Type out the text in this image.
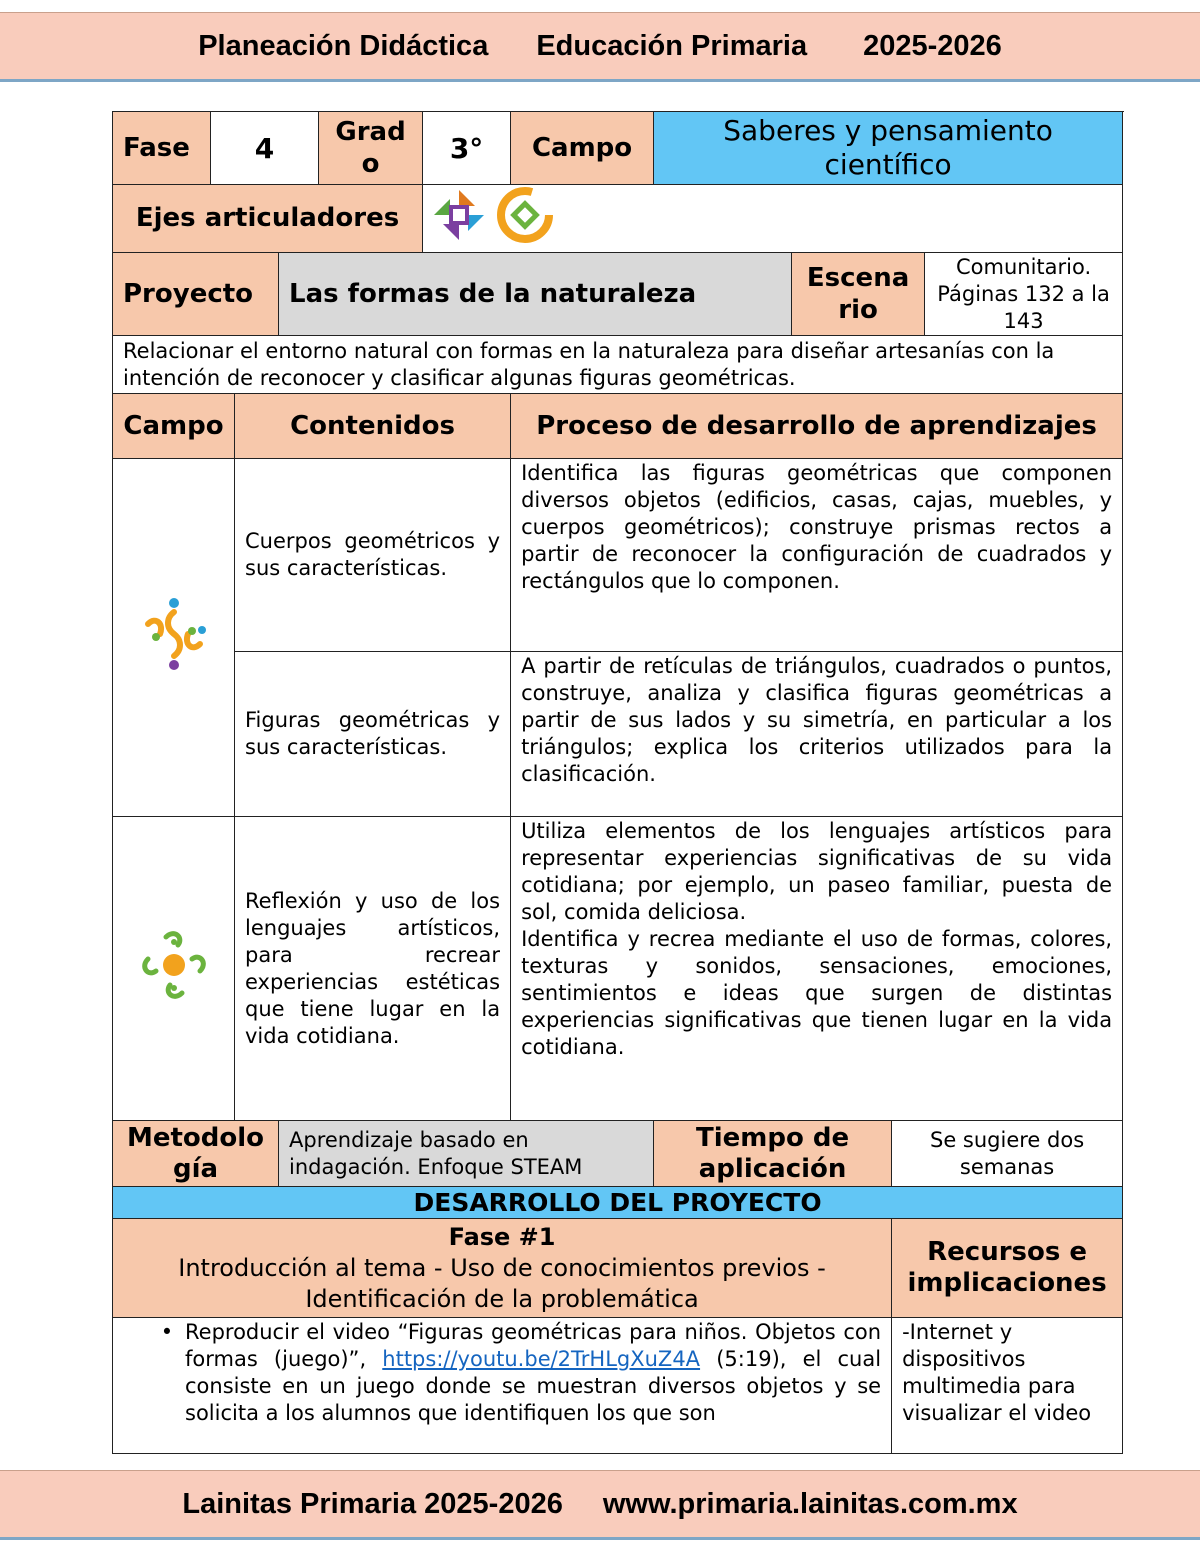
Planeación Didáctica Educación Primaria 2025-2026
Fase	4			Grado	3°	Campo	Saberes y pensamiento científico			
Ejes articuladores	
Proyecto			Las formas de la naturaleza					Escenario		Comunitario. Páginas 132 a la 143
Relacionar el entorno natural con formas en la naturaleza para diseñar artesanías con la intención de reconocer y clasificar algunas figuras geométricas.										
Campo		Contenidos				Proceso de desarrollo de aprendizajes				

	Cuerpos geométricos y sus características.				Identifica las figuras geométricas que componen diversos objetos (edificios, casas, cajas, muebles, y cuerpos geométricos); construye prismas rectos a partir de reconocer la configuración de cuadrados y rectángulos que lo componen.				
		Figuras geométricas y sus características.				A partir de retículas de triángulos, cuadrados o puntos, construye, analiza y clasifica figuras geométricas a partir de sus lados y su simetría, en particular a los triángulos; explica los criterios utilizados para la clasificación.				

	Reflexión y uso de los lenguajes artísticos, para recrear experiencias estéticas que tiene lugar en la vida cotidiana.				Utiliza elementos de los lenguajes artísticos para representar experiencias significativas de su vida cotidiana; por ejemplo, un paseo familiar, puesta de sol, comida deliciosa.
Identifica y recrea mediante el uso de formas, colores, texturas y sonidos, sensaciones, emociones, sentimientos e ideas que surgen de distintas experiencias significativas que tienen lugar en la vida cotidiana.				

Metodología			Aprendizaje basado en indagación. Enfoque STEAM				Tiempo de aplicación		Se sugiere dos semanas	
DESARROLLO DEL PROYECTO										

Fase #1
Introducción al tema - Uso de conocimientos previos - Identificación de la problemática									Recursos e implicaciones	

• Reproducir el video “Figuras geométricas para niños. Objetos con formas (juego)”, https://youtu.be/2TrHLgXuZ4A (5:19), el cual consiste en un juego donde se muestran diversos objetos y se solicita a los alumnos que identifiquen los que son									-Internet y dispositivos multimedia para visualizar el video	
Lainitas Primaria 2025-2026 www.primaria.lainitas.com.mx
